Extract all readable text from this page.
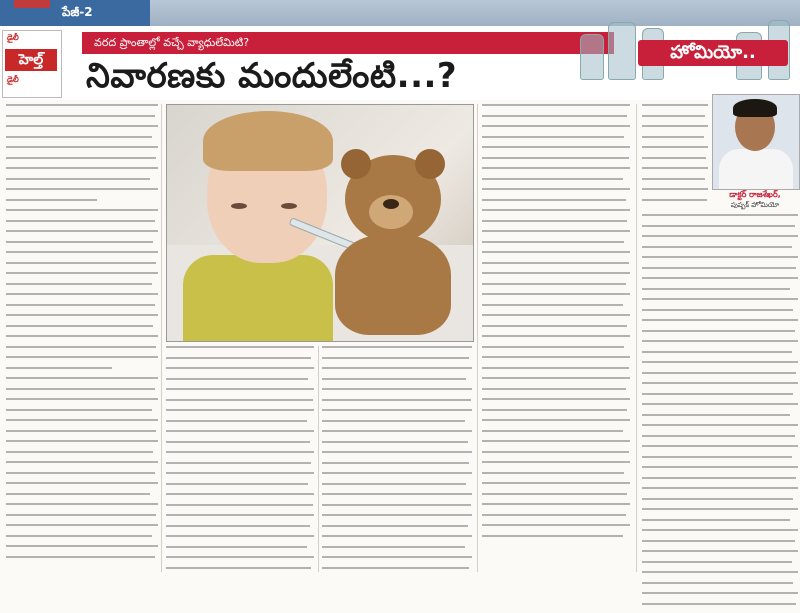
పేజీ-2
డైలీ
హెల్త్
డైలీ
వరద ప్రాంతాల్లో వచ్చే వ్యాధులేమిటి?
నివారణకు మందులేంటి...?
హోమియో..
డాక్టర్ రాజశేఖర్,
పుష్పక్ హోమియో
